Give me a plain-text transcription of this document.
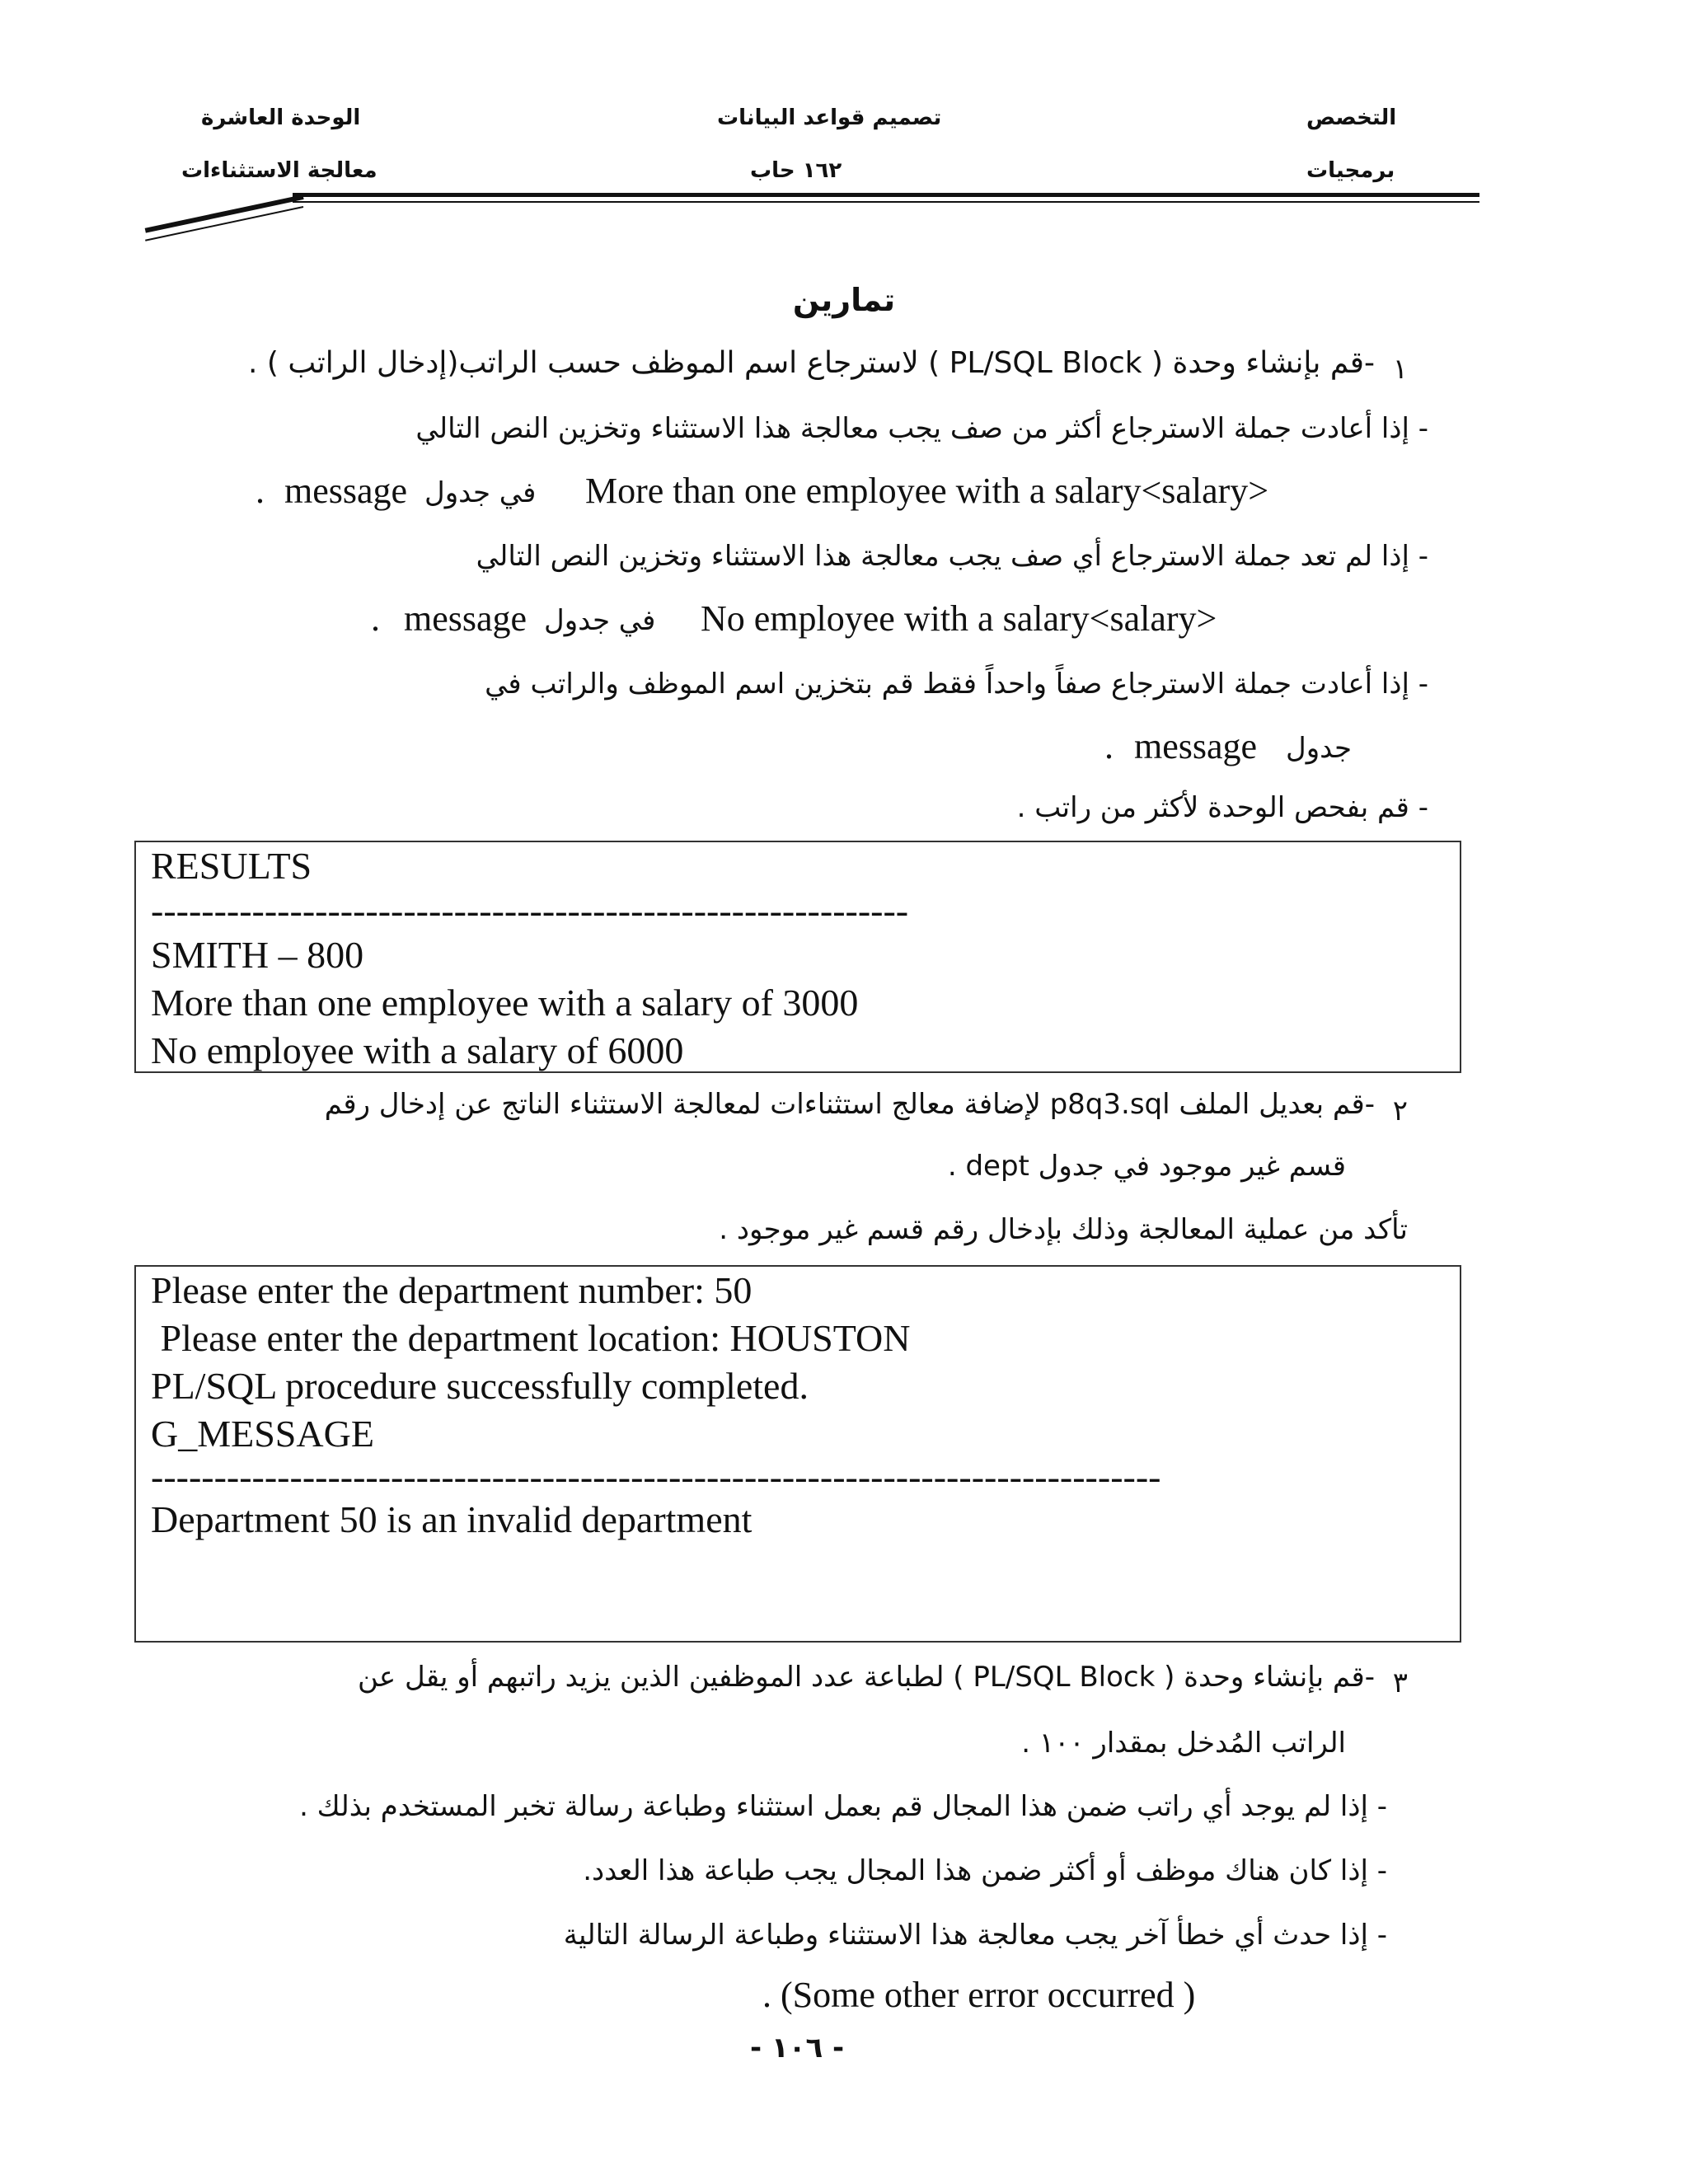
التخصص
برمجيات
تصميم قواعد البيانات
١٦٢ حاب
الوحدة العاشرة
معالجة الاستثناءات
تمارين
١
-قم بإنشاء وحدة ( PL/SQL Block ) لاسترجاع اسم الموظف حسب الراتب(إدخال الراتب ) .
- إذا أعادت جملة الاسترجاع أكثر من صف يجب معالجة هذا الاستثناء وتخزين النص التالي
More than one employee with a salary<salary>
في جدول
message
.
- إذا لم تعد جملة الاسترجاع أي صف يجب معالجة هذا الاستثناء وتخزين النص التالي
No employee with a salary<salary>
في جدول
message
.
- إذا أعادت جملة الاسترجاع صفاً واحداً فقط قم بتخزين اسم الموظف والراتب في
. message جدول
- قم بفحص الوحدة لأكثر من راتب .
RESULTS
------------------------------------------------------------
SMITH – 800
More than one employee with a salary of 3000
No employee with a salary of 6000
٢
-قم بعديل الملف p8q3.sql لإضافة معالج استثناءات لمعالجة الاستثناء الناتج عن إدخال رقم
قسم غير موجود في جدول dept .
تأكد من عملية المعالجة وذلك بإدخال رقم قسم غير موجود .
Please enter the department number: 50
Please enter the department location: HOUSTON
PL/SQL procedure successfully completed.
G_MESSAGE
--------------------------------------------------------------------------------
Department 50 is an invalid department
٣
-قم بإنشاء وحدة ( PL/SQL Block ) لطباعة عدد الموظفين الذين يزيد راتبهم أو يقل عن
الراتب المُدخل بمقدار ١٠٠ .
- إذا لم يوجد أي راتب ضمن هذا المجال قم بعمل استثناء وطباعة رسالة تخبر المستخدم بذلك .
- إذا كان هناك موظف أو أكثر ضمن هذا المجال يجب طباعة هذا العدد.
- إذا حدث أي خطأ آخر يجب معالجة هذا الاستثناء وطباعة الرسالة التالية
. (Some other error occurred )
- ١٠٦ -
